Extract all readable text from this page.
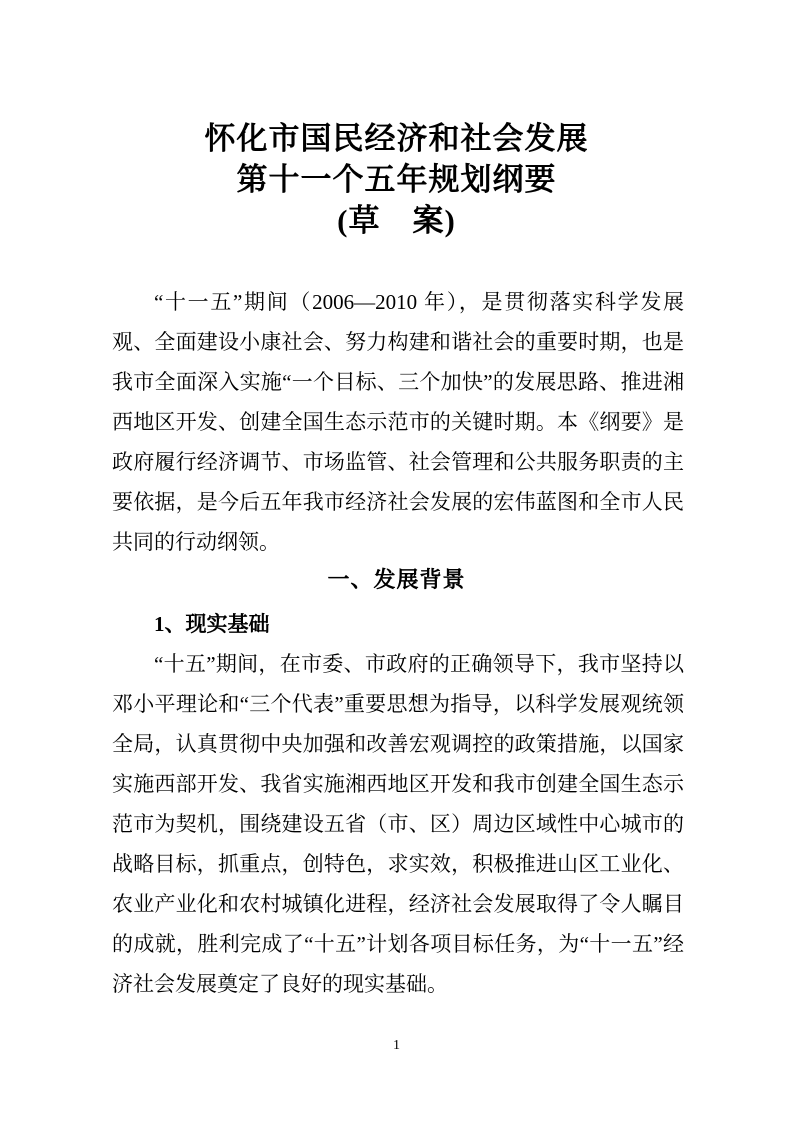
怀化市国民经济和社会发展
第十一个五年规划纲要
(草　案)

“十一五”期间（2006—2010 年），是贯彻落实科学发展观、全面建设小康社会、努力构建和谐社会的重要时期，也是我市全面深入实施“一个目标、三个加快”的发展思路、推进湘西地区开发、创建全国生态示范市的关键时期。本《纲要》是政府履行经济调节、市场监管、社会管理和公共服务职责的主要依据，是今后五年我市经济社会发展的宏伟蓝图和全市人民共同的行动纲领。

一、发展背景
1、现实基础

“十五”期间，在市委、市政府的正确领导下，我市坚持以邓小平理论和“三个代表”重要思想为指导，以科学发展观统领全局，认真贯彻中央加强和改善宏观调控的政策措施，以国家实施西部开发、我省实施湘西地区开发和我市创建全国生态示范市为契机，围绕建设五省（市、区）周边区域性中心城市的战略目标，抓重点，创特色，求实效，积极推进山区工业化、农业产业化和农村城镇化进程，经济社会发展取得了令人瞩目的成就，胜利完成了“十五”计划各项目标任务，为“十一五”经济社会发展奠定了良好的现实基础。

1
